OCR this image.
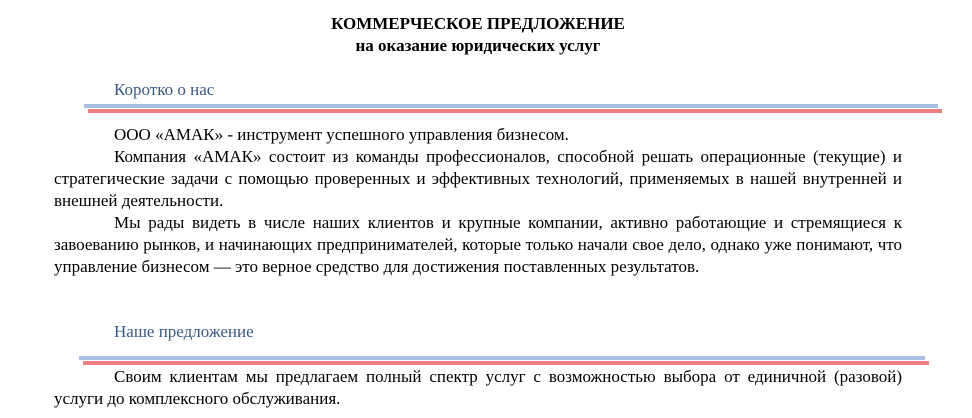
КОММЕРЧЕСКОЕ ПРЕДЛОЖЕНИЕ
на оказание юридических услуг
Коротко о нас

ООО «АМАК» - инструмент успешного управления бизнесом.

Компания «АМАК» состоит из команды профессионалов, способной решать операционные (текущие) и стратегические задачи с помощью проверенных и эффективных технологий, применяемых в нашей внутренней и внешней деятельности.

Мы рады видеть в числе наших клиентов и крупные компании, активно работающие и стремящиеся к завоеванию рынков, и начинающих предпринимателей, которые только начали свое дело, однако уже понимают, что управление бизнесом — это верное средство для достижения поставленных результатов.

Наше предложение

Своим клиентам мы предлагаем полный спектр услуг с возможностью выбора от единичной (разовой) услуги до комплексного обслуживания.
